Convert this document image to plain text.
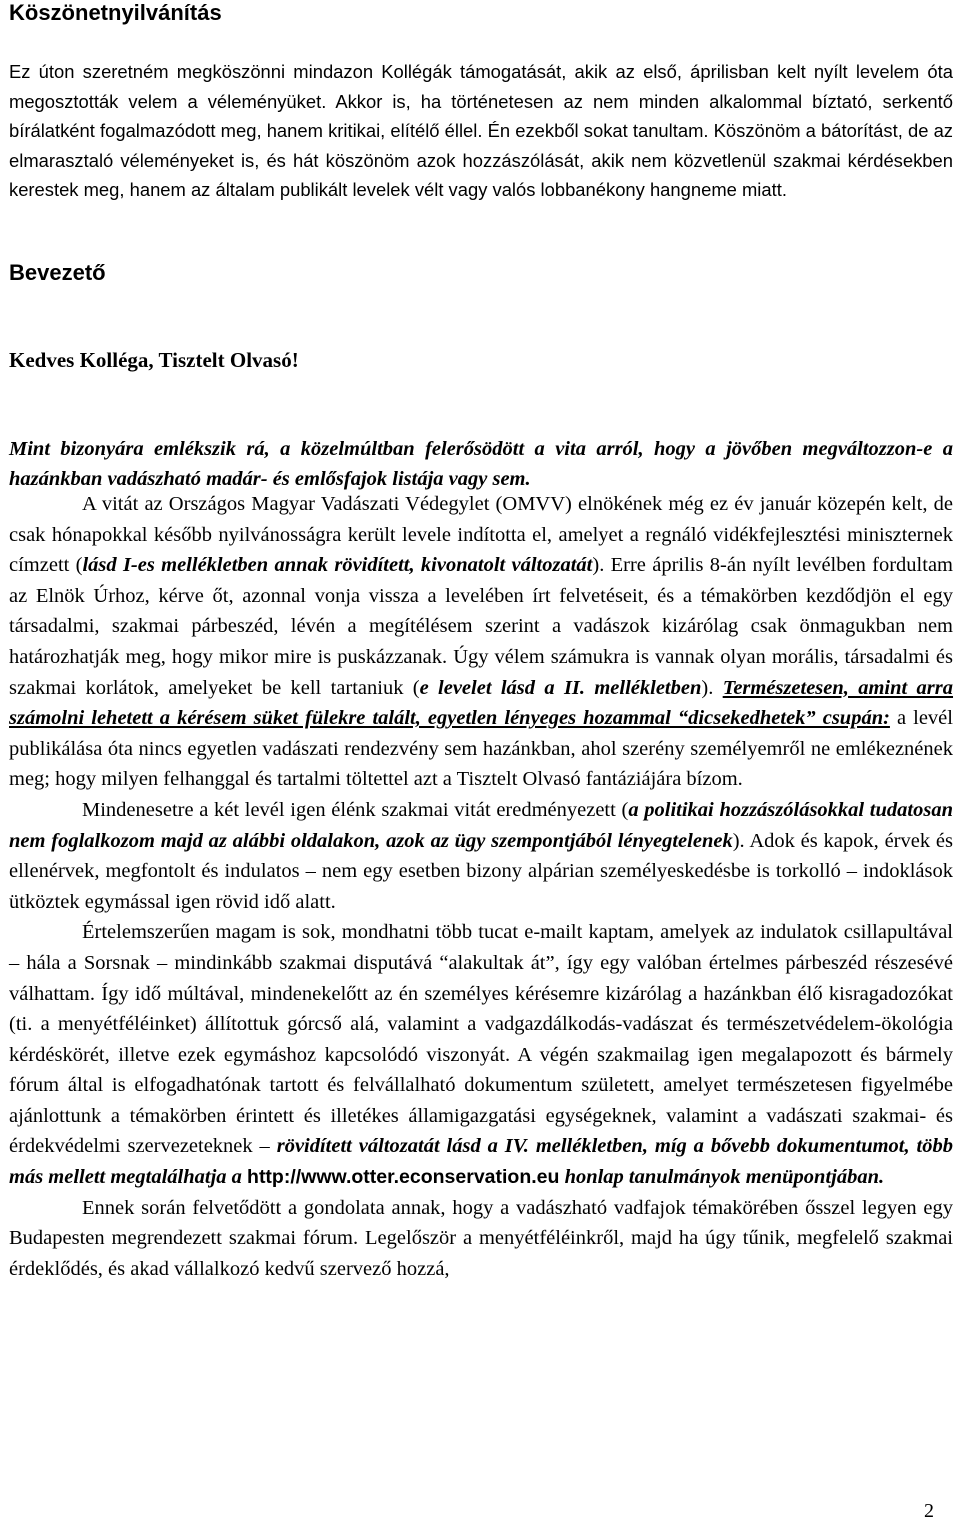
Köszönetnyilvánítás

Ez úton szeretném megköszönni mindazon Kollégák támogatását, akik az első, áprilisban kelt nyílt levelem óta megosztották velem a véleményüket. Akkor is, ha történetesen az nem minden alkalommal bíztató, serkentő bírálatként fogalmazódott meg, hanem kritikai, elítélő éllel. Én ezekből sokat tanultam. Köszönöm a bátorítást, de az elmarasztaló véleményeket is, és hát köszönöm azok hozzászólását, akik nem közvetlenül szakmai kérdésekben kerestek meg, hanem az általam publikált levelek vélt vagy valós lobbanékony hangneme miatt.

Bevezető

Kedves Kolléga, Tisztelt Olvasó!

Mint bizonyára emlékszik rá, a közelmúltban felerősödött a vita arról, hogy a jövőben megváltozzon-e a hazánkban vadászható madár- és emlősfajok listája vagy sem.

A vitát az Országos Magyar Vadászati Védegylet (OMVV) elnökének még ez év január közepén kelt, de csak hónapokkal később nyilvánosságra került levele indította el, amelyet a regnáló vidékfejlesztési miniszternek címzett (lásd I-es mellékletben annak rövidített, kivonatolt változatát). Erre április 8-án nyílt levélben fordultam az Elnök Úrhoz, kérve őt, azonnal vonja vissza a levelében írt felvetéseit, és a témakörben kezdődjön el egy társadalmi, szakmai párbeszéd, lévén a megítélésem szerint a vadászok kizárólag csak önmagukban nem határozhatják meg, hogy mikor mire is puskázzanak. Úgy vélem számukra is vannak olyan morális, társadalmi és szakmai korlátok, amelyeket be kell tartaniuk (e levelet lásd a II. mellékletben). Természetesen, amint arra számolni lehetett a kérésem süket fülekre talált, egyetlen lényeges hozammal “dicsekedhetek” csupán: a levél publikálása óta nincs egyetlen vadászati rendezvény sem hazánkban, ahol szerény személyemről ne emlékeznének meg; hogy milyen felhanggal és tartalmi töltettel azt a Tisztelt Olvasó fantáziájára bízom.

Mindenesetre a két levél igen élénk szakmai vitát eredményezett (a politikai hozzászólásokkal tudatosan nem foglalkozom majd az alábbi oldalakon, azok az ügy szempontjából lényegtelenek). Adok és kapok, érvek és ellenérvek, megfontolt és indulatos – nem egy esetben bizony alpárian személyeskedésbe is torkolló – indoklások ütköztek egymással igen rövid idő alatt.

Értelemszerűen magam is sok, mondhatni több tucat e-mailt kaptam, amelyek az indulatok csillapultával – hála a Sorsnak – mindinkább szakmai disputává “alakultak át”, így egy valóban értelmes párbeszéd részesévé válhattam. Így idő múltával, mindenekelőtt az én személyes kérésemre kizárólag a hazánkban élő kisragadozókat (ti. a menyétféléinket) állítottuk górcső alá, valamint a vadgazdálkodás-vadászat és természetvédelem-ökológia kérdéskörét, illetve ezek egymáshoz kapcsolódó viszonyát. A végén szakmailag igen megalapozott és bármely fórum által is elfogadhatónak tartott és felvállalható dokumentum született, amelyet természetesen figyelmébe ajánlottunk a témakörben érintett és illetékes államigazgatási egységeknek, valamint a vadászati szakmai- és érdekvédelmi szervezeteknek – rövidített változatát lásd a IV. mellékletben, míg a bővebb dokumentumot, több más mellett megtalálhatja a http://www.otter.econservation.eu honlap tanulmányok menüpontjában.

Ennek során felvetődött a gondolata annak, hogy a vadászható vadfajok témakörében ősszel legyen egy Budapesten megrendezett szakmai fórum. Legelőször a menyétféléinkről, majd ha úgy tűnik, megfelelő szakmai érdeklődés, és akad vállalkozó kedvű szervező hozzá,

2
